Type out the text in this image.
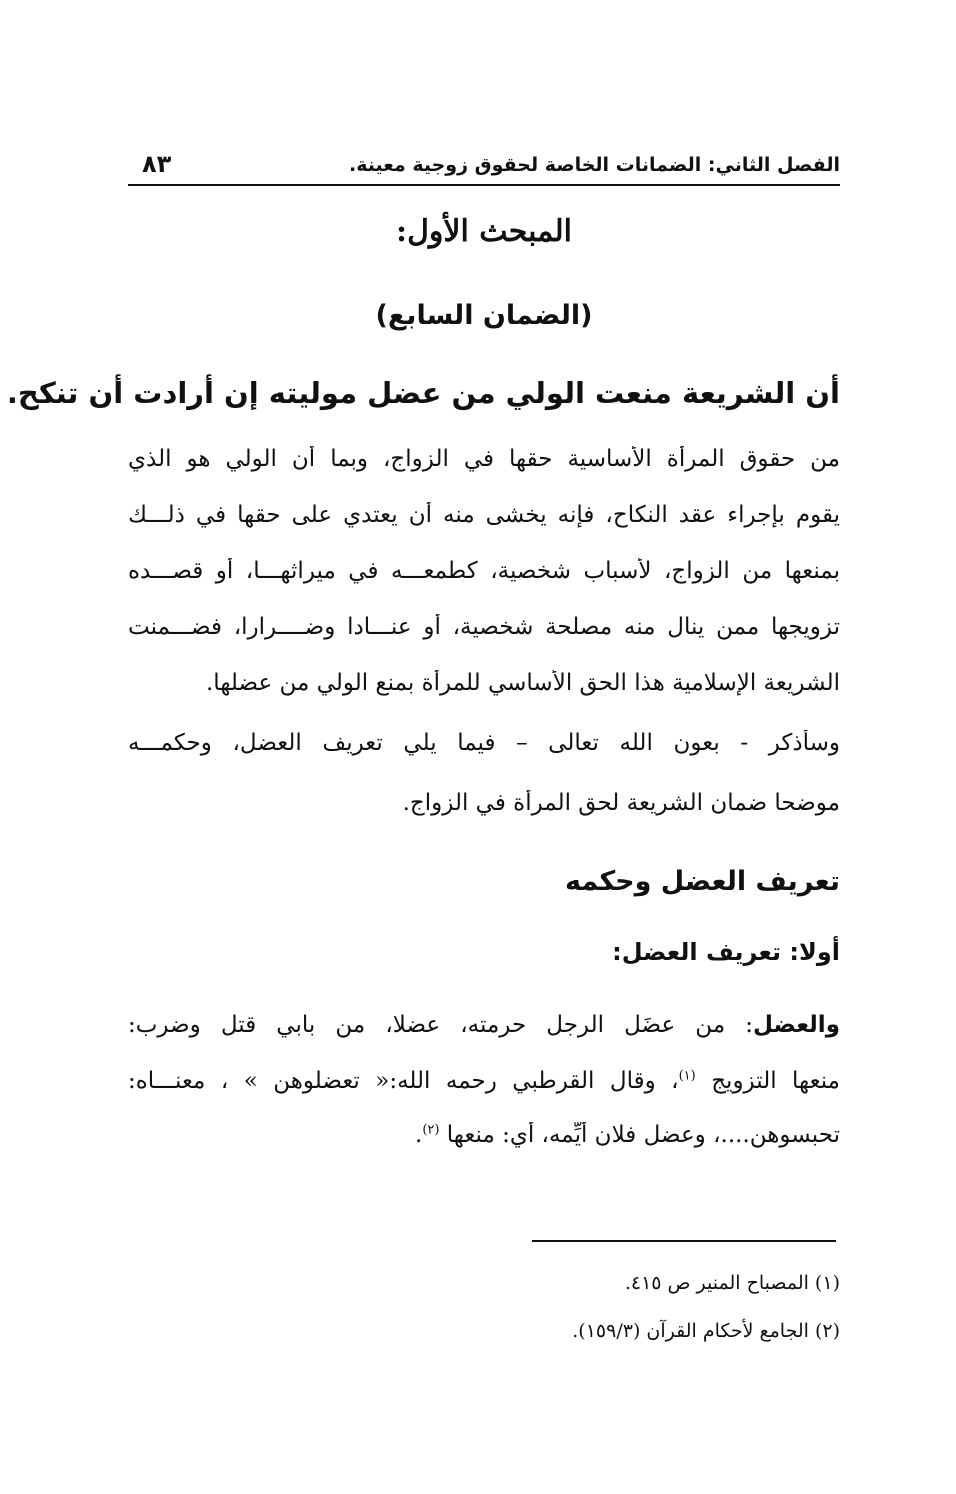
الفصل الثاني: الضمانات الخاصة لحقوق زوجية معينة.
٨٣
المبحث الأول:
(الضمان السابع)
أن الشريعة منعت الولي من عضل موليته إن أرادت أن تنكح.
من حقوق المرأة الأساسية حقها في الزواج، وبما أن الولي هو الذي
يقوم بإجراء عقد النكاح، فإنه يخشى منه أن يعتدي على حقها في ذلـــك
بمنعها من الزواج، لأسباب شخصية، كطمعـــه في ميراثهـــا، أو قصـــده
تزويجها ممن ينال منه مصلحة شخصية، أو عنـــادا وضــــرارا، فضـــمنت
الشريعة الإسلامية هذا الحق الأساسي للمرأة بمنع الولي من عضلها.
وسأذكر - بعون الله تعالى – فيما يلي تعريف العضل، وحكمـــه
موضحا ضمان الشريعة لحق المرأة في الزواج.
تعريف العضل وحكمه
أولا: تعريف العضل:
والعضل: من عضَل الرجل حرمته، عضلا، من بابي قتل وضرب:
منعها التزويج $^{(١)}$، وقال القرطبي رحمه الله:« تعضلوهن » ، معنـــاه:
تحبسوهن....، وعضل فلان أيِّمه، أي: منعها $^{(٢)}$.
(١) المصباح المنير ص ٤١٥.
(٢) الجامع لأحكام القرآن (١٥٩/٣).
